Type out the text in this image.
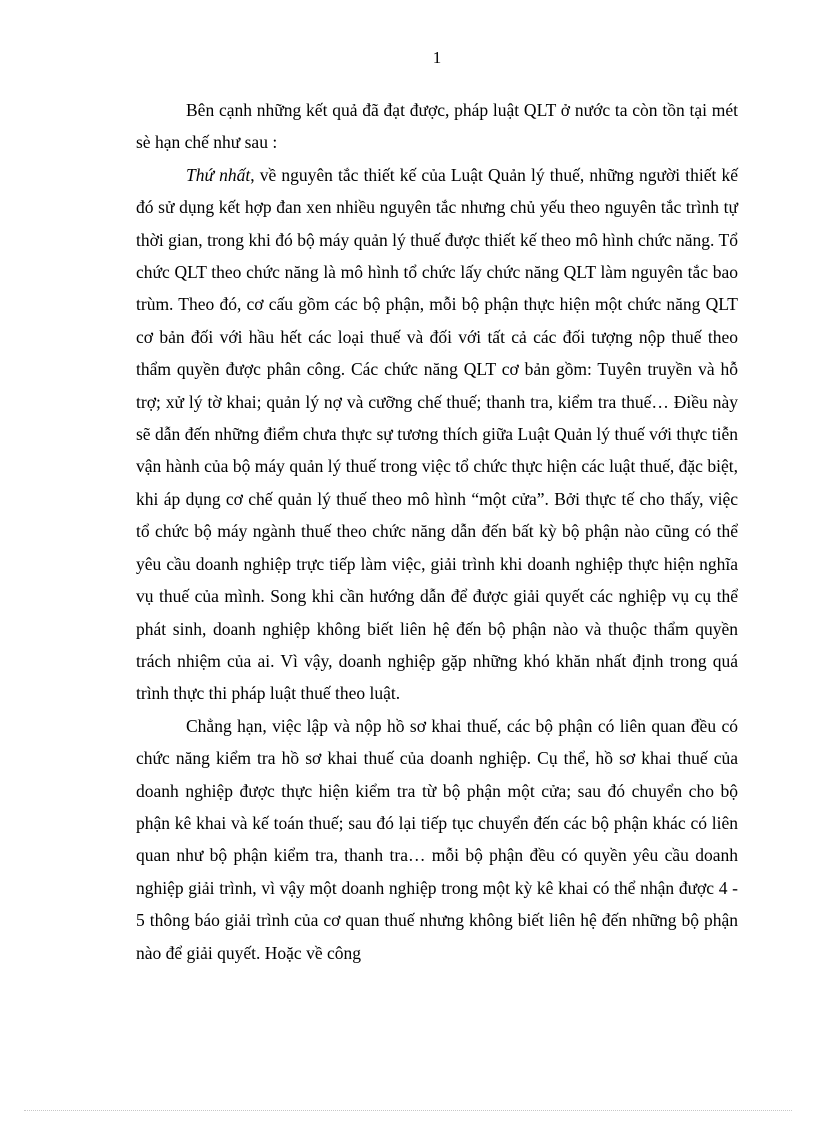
1

Bên cạnh những kết quả đã đạt được, pháp luật QLT ở nước ta còn tồn tại mét sè hạn chế như sau :

Thứ nhất, về nguyên tắc thiết kế của Luật Quản lý thuế, những người thiết kế đó sử dụng kết hợp đan xen nhiều nguyên tắc nhưng chủ yếu theo nguyên tắc trình tự thời gian, trong khi đó bộ máy quản lý thuế được thiết kế theo mô hình chức năng. Tổ chức QLT theo chức năng là mô hình tổ chức lấy chức năng QLT làm nguyên tắc bao trùm. Theo đó, cơ cấu gồm các bộ phận, mỗi bộ phận thực hiện một chức năng QLT cơ bản đối với hầu hết các loại thuế và đối với tất cả các đối tượng nộp thuế theo thẩm quyền được phân công. Các chức năng QLT cơ bản gồm: Tuyên truyền và hỗ trợ; xử lý tờ khai; quản lý nợ và cưỡng chế thuế; thanh tra, kiểm tra thuế… Điều này sẽ dẫn đến những điểm chưa thực sự tương thích giữa Luật Quản lý thuế với thực tiễn vận hành của bộ máy quản lý thuế trong việc tổ chức thực hiện các luật thuế, đặc biệt, khi áp dụng cơ chế quản lý thuế theo mô hình “một cửa”. Bởi thực tế cho thấy, việc tổ chức bộ máy ngành thuế theo chức năng dẫn đến bất kỳ bộ phận nào cũng có thể yêu cầu doanh nghiệp trực tiếp làm việc, giải trình khi doanh nghiệp thực hiện nghĩa vụ thuế của mình. Song khi cần hướng dẫn để được giải quyết các nghiệp vụ cụ thể phát sinh, doanh nghiệp không biết liên hệ đến bộ phận nào và thuộc thẩm quyền trách nhiệm của ai. Vì vậy, doanh nghiệp gặp những khó khăn nhất định trong quá trình thực thi pháp luật thuế theo luật.

Chẳng hạn, việc lập và nộp hồ sơ khai thuế, các bộ phận có liên quan đều có chức năng kiểm tra hồ sơ khai thuế của doanh nghiệp. Cụ thể, hồ sơ khai thuế của doanh nghiệp được thực hiện kiểm tra từ bộ phận một cửa; sau đó chuyển cho bộ phận kê khai và kế toán thuế; sau đó lại tiếp tục chuyển đến các bộ phận khác có liên quan như bộ phận kiểm tra, thanh tra… mỗi bộ phận đều có quyền yêu cầu doanh nghiệp giải trình, vì vậy một doanh nghiệp trong một kỳ kê khai có thể nhận được 4 - 5 thông báo giải trình của cơ quan thuế nhưng không biết liên hệ đến những bộ phận nào để giải quyết. Hoặc về công
